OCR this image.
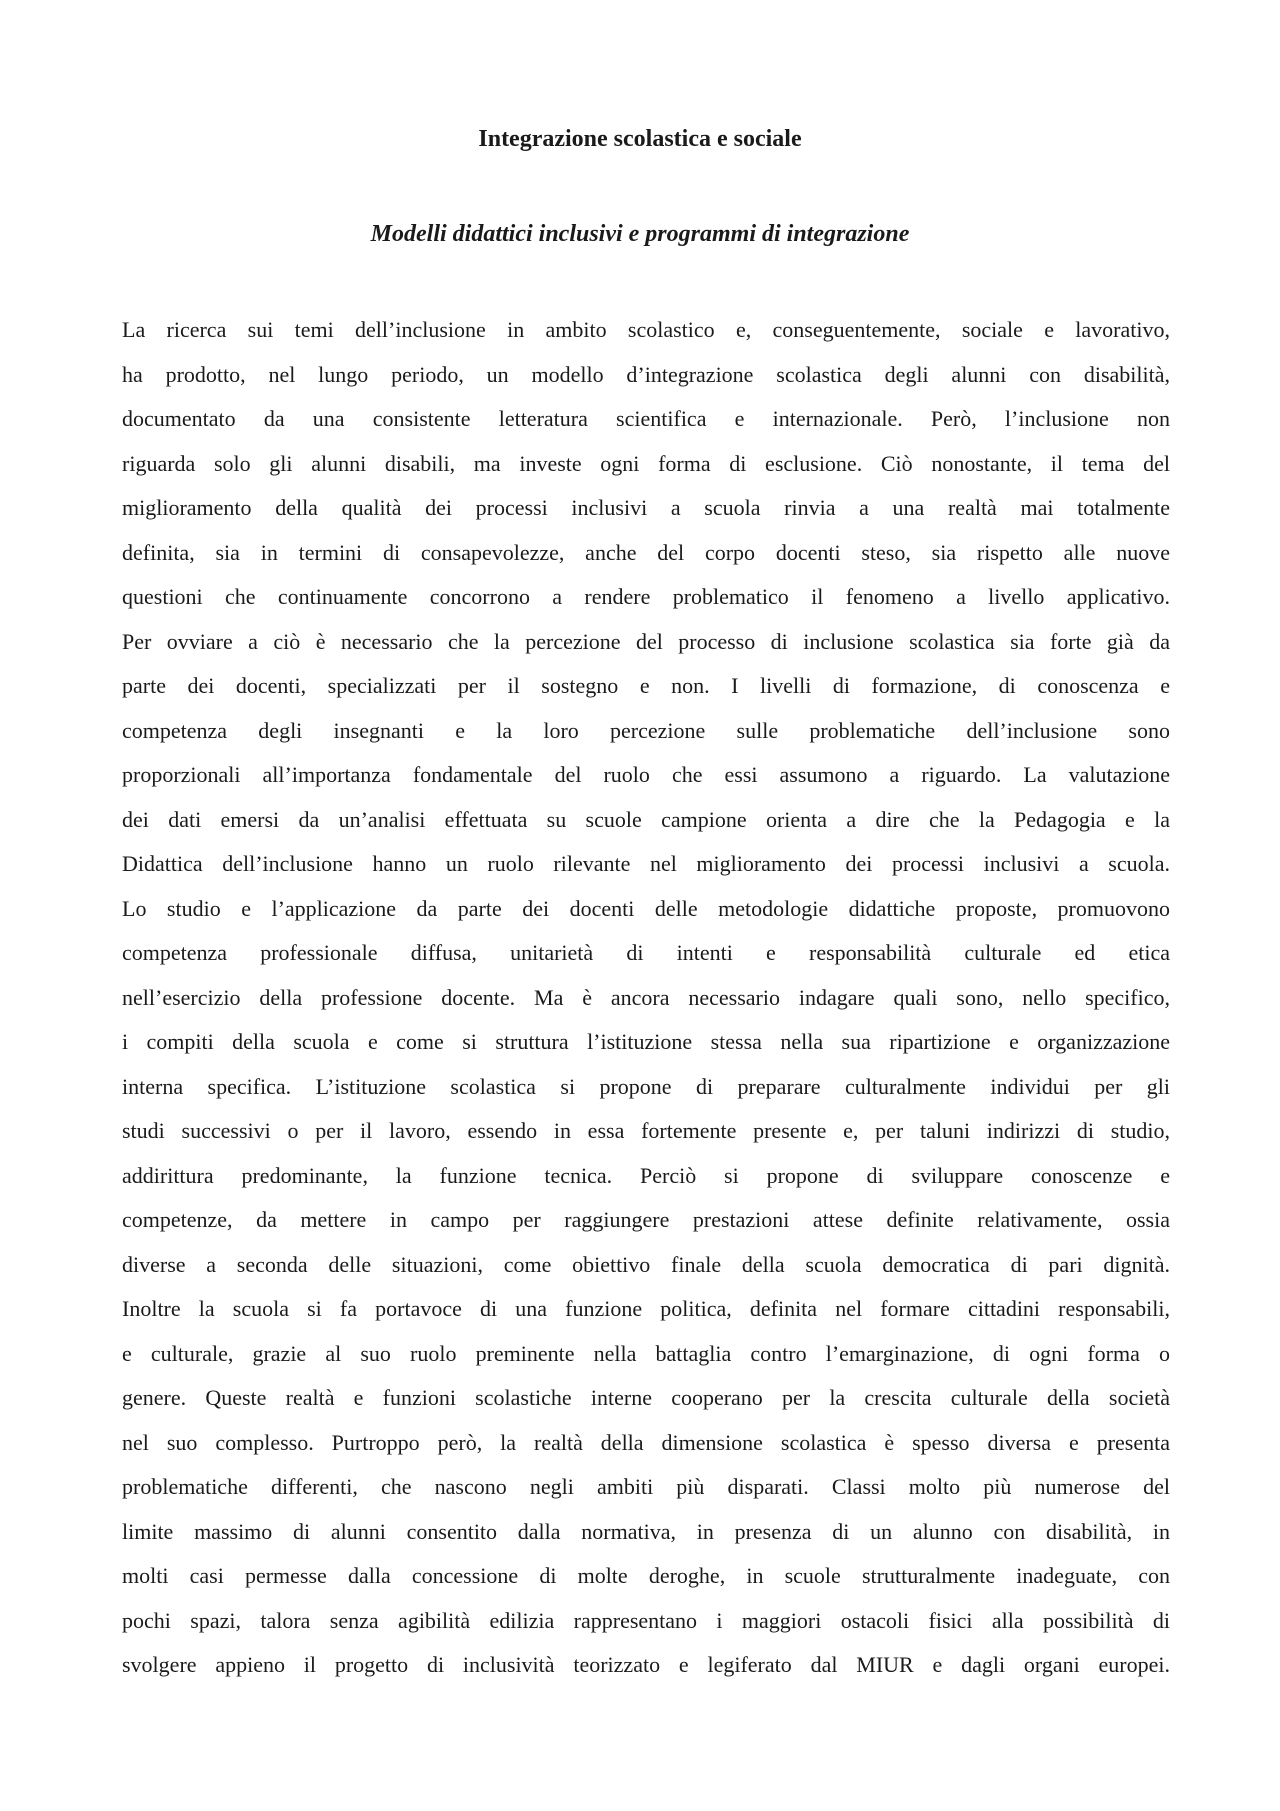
Integrazione scolastica e sociale
Modelli didattici inclusivi e programmi di integrazione
La ricerca sui temi dell’inclusione in ambito scolastico e, conseguentemente, sociale e lavorativo,
ha prodotto, nel lungo periodo, un modello d’integrazione scolastica degli alunni con disabilità,
documentato da una consistente letteratura scientifica e internazionale. Però, l’inclusione non
riguarda solo gli alunni disabili, ma investe ogni forma di esclusione. Ciò nonostante, il tema del
miglioramento della qualità dei processi inclusivi a scuola rinvia a una realtà mai totalmente
definita, sia in termini di consapevolezze, anche del corpo docenti steso, sia rispetto alle nuove
questioni che continuamente concorrono a rendere problematico il fenomeno a livello applicativo.
Per ovviare a ciò è necessario che la percezione del processo di inclusione scolastica sia forte già da
parte dei docenti, specializzati per il sostegno e non. I livelli di formazione, di conoscenza e
competenza degli insegnanti e la loro percezione sulle problematiche dell’inclusione sono
proporzionali all’importanza fondamentale del ruolo che essi assumono a riguardo. La valutazione
dei dati emersi da un’analisi effettuata su scuole campione orienta a dire che la Pedagogia e la
Didattica dell’inclusione hanno un ruolo rilevante nel miglioramento dei processi inclusivi a scuola.
Lo studio e l’applicazione da parte dei docenti delle metodologie didattiche proposte, promuovono
competenza professionale diffusa, unitarietà di intenti e responsabilità culturale ed etica
nell’esercizio della professione docente. Ma è ancora necessario indagare quali sono, nello specifico,
i compiti della scuola e come si struttura l’istituzione stessa nella sua ripartizione e organizzazione
interna specifica. L’istituzione scolastica si propone di preparare culturalmente individui per gli
studi successivi o per il lavoro, essendo in essa fortemente presente e, per taluni indirizzi di studio,
addirittura predominante, la funzione tecnica. Perciò si propone di sviluppare conoscenze e
competenze, da mettere in campo per raggiungere prestazioni attese definite relativamente, ossia
diverse a seconda delle situazioni, come obiettivo finale della scuola democratica di pari dignità.
Inoltre la scuola si fa portavoce di una funzione politica, definita nel formare cittadini responsabili,
e culturale, grazie al suo ruolo preminente nella battaglia contro l’emarginazione, di ogni forma o
genere. Queste realtà e funzioni scolastiche interne cooperano per la crescita culturale della società
nel suo complesso. Purtroppo però, la realtà della dimensione scolastica è spesso diversa e presenta
problematiche differenti, che nascono negli ambiti più disparati. Classi molto più numerose del
limite massimo di alunni consentito dalla normativa, in presenza di un alunno con disabilità, in
molti casi permesse dalla concessione di molte deroghe, in scuole strutturalmente inadeguate, con
pochi spazi, talora senza agibilità edilizia rappresentano i maggiori ostacoli fisici alla possibilità di
svolgere appieno il progetto di inclusività teorizzato e legiferato dal MIUR e dagli organi europei.
